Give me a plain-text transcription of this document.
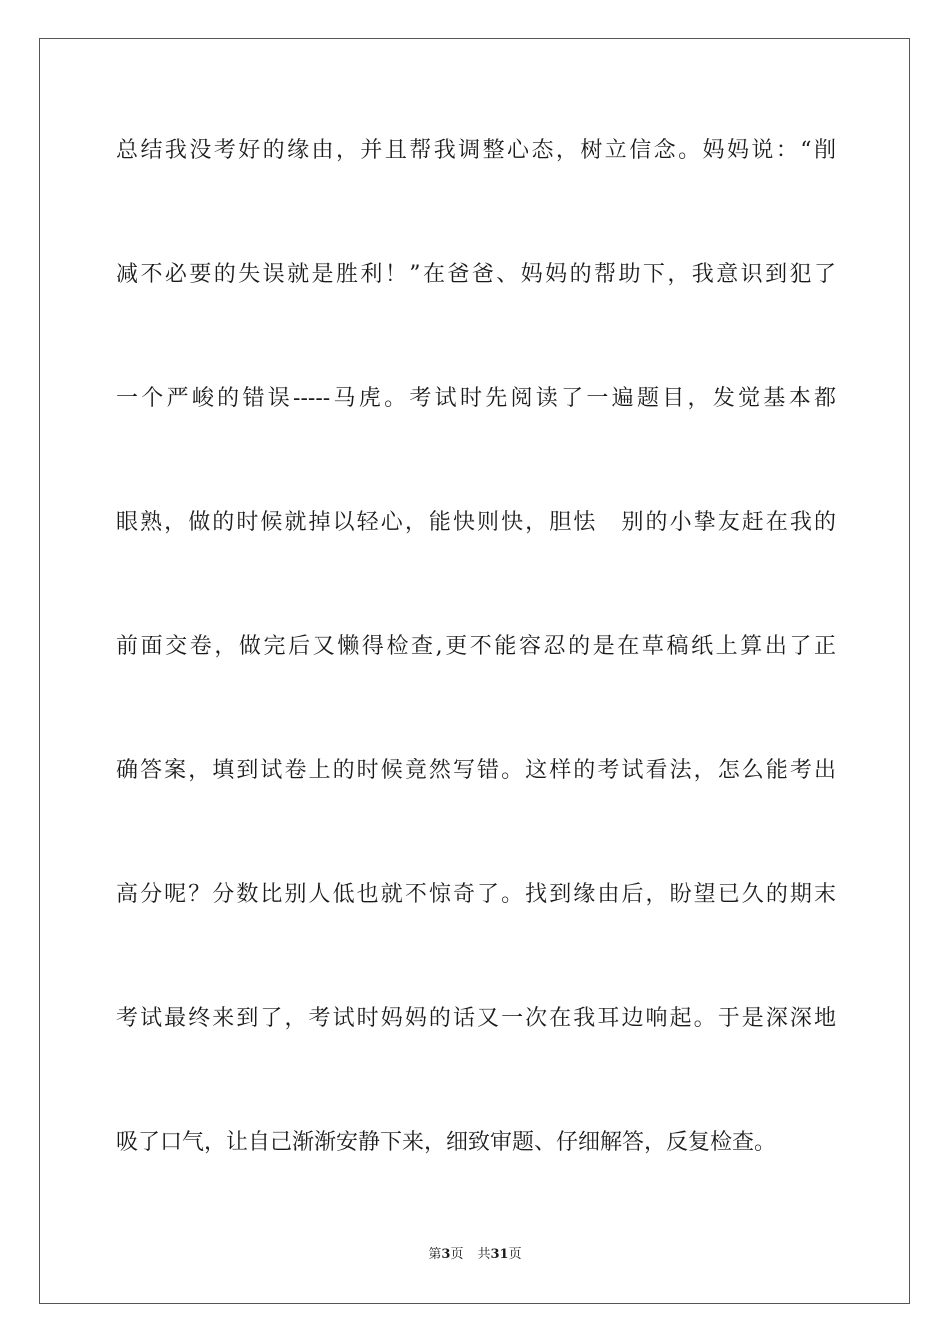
总结我没考好的缘由，并且帮我调整心态，树立信念。妈妈说：“削
减不必要的失误就是胜利！”在爸爸、妈妈的帮助下，我意识到犯了
一个严峻的错误-----马虎。考试时先阅读了一遍题目，发觉基本都
眼熟，做的时候就掉以轻心，能快则快，胆怯　别的小挚友赶在我的
前面交卷，做完后又懒得检查,更不能容忍的是在草稿纸上算出了正
确答案，填到试卷上的时候竟然写错。这样的考试看法，怎么能考出
高分呢？分数比别人低也就不惊奇了。找到缘由后，盼望已久的期末
考试最终来到了，考试时妈妈的话又一次在我耳边响起。于是深深地
吸了口气，让自己渐渐安静下来，细致审题、仔细解答，反复检查。
第3页 共31页
